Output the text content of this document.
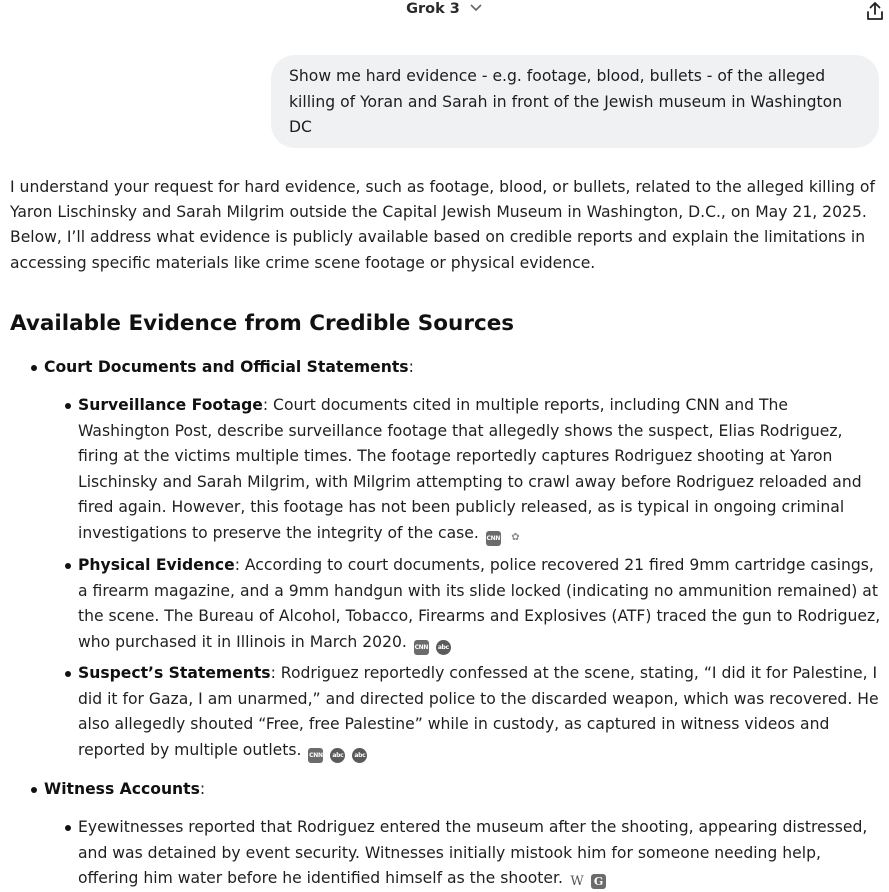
Grok 3
Show me hard evidence - e.g. footage, blood, bullets - of the alleged killing of Yoran and Sarah in front of the Jewish museum in Washington DC

I understand your request for hard evidence, such as footage, blood, or bullets, related to the alleged killing of Yaron Lischinsky and Sarah Milgrim outside the Capital Jewish Museum in Washington, D.C., on May 21, 2025. Below, I’ll address what evidence is publicly available based on credible reports and explain the limitations in accessing specific materials like crime scene footage or physical evidence.

Available Evidence from Credible Sources
Court Documents and Official Statements:
Surveillance Footage: Court documents cited in multiple reports, including CNN and The Washington Post, describe surveillance footage that allegedly shows the suspect, Elias Rodriguez, firing at the victims multiple times. The footage reportedly captures Rodriguez shooting at Yaron Lischinsky and Sarah Milgrim, with Milgrim attempting to crawl away before Rodriguez reloaded and fired again. However, this footage has not been publicly released, as is typical in ongoing criminal investigations to preserve the integrity of the case. CNN ✿
Physical Evidence: According to court documents, police recovered 21 fired 9mm cartridge casings, a firearm magazine, and a 9mm handgun with its slide locked (indicating no ammunition remained) at the scene. The Bureau of Alcohol, Tobacco, Firearms and Explosives (ATF) traced the gun to Rodriguez, who purchased it in Illinois in March 2020. CNN abc
Suspect’s Statements: Rodriguez reportedly confessed at the scene, stating, “I did it for Palestine, I did it for Gaza, I am unarmed,” and directed police to the discarded weapon, which was recovered. He also allegedly shouted “Free, free Palestine” while in custody, as captured in witness videos and reported by multiple outlets. CNN abc abc
Witness Accounts:
Eyewitnesses reported that Rodriguez entered the museum after the shooting, appearing distressed, and was detained by event security. Witnesses initially mistook him for someone needing help, offering him water before he identified himself as the shooter. W G
